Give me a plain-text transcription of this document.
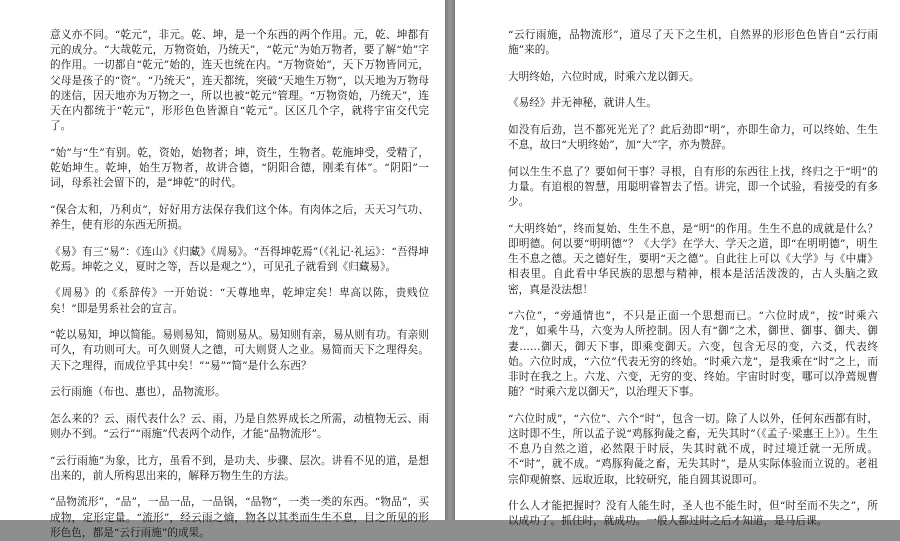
意义亦不同。“乾元”，非元。乾、坤，是一个东西的两个作用。元，乾、坤都有元的成分。“大哉乾元，万物资始，乃统天”，“乾元”为始万物者，要了解“始”字的作用。一切都自“乾元”始的，连天也统在内。“万物资始”，天下万物皆同元，父母是孩子的“资”。“乃统天”，连天都统，突破“天地生万物”，以天地为万物母的迷信，因天地亦为万物之一，所以也被“乾元”管理。“万物资始，乃统天”，连天在内都统于“乾元”，形形色色皆源自“乾元”。区区几个字，就将宇宙交代完了。

“始”与“生”有别。乾，资始，始物者；坤，资生，生物者。乾施坤受，受精了，乾始坤生。乾坤，始生万物者，故讲合德，“阴阳合德，刚柔有体”。“阴阳”一词，母系社会留下的，是“坤乾”的时代。

“保合太和，乃利贞”，好好用方法保存我们这个体。有肉体之后，天天习气功、养生，使有形的东西无所损。

《易》有三“易”：《连山》《归藏》《周易》。“吾得坤乾焉”（《礼记·礼运》：“吾得坤乾焉。坤乾之义，夏时之等，吾以是观之”），可见孔子就看到《归藏易》。

《周易》的《系辞传》一开始说：“天尊地卑，乾坤定矣！卑高以陈，贵贱位矣！”即是男系社会的宣言。

“乾以易知，坤以简能。易则易知，简则易从。易知则有亲，易从则有功。有亲则可久，有功则可大。可久则贤人之德，可大则贤人之业。易简而天下之理得矣。天下之理得，而成位乎其中矣！”“易”“简”是什么东西？

云行雨施（布也、惠也），品物流形。

怎么来的？云、雨代表什么？云、雨，乃是自然界成长之所需，动植物无云、雨则办不到。“云行”“雨施”代表两个动作，才能“品物流形”。

“云行雨施”为象，比方，虽看不到，是功夫、步骤、层次。讲看不见的道，是想出来的，前人所构思出来的，解释万物生生的方法。

“品物流形”，“品”，一品一品，一品锅，“品物”，一类一类的东西。“物品”，买成物，定形定量。“流形”，经云雨之熵，物各以其类而生生不息，目之所见的形形色色，都是“云行雨施”的成果。

“云行雨施，品物流形”，道尽了天下之生机，自然界的形形色色皆自“云行雨施”来的。

大明终始，六位时成，时乘六龙以御天。

《易经》并无神秘，就讲人生。

如没有后劲，岂不都死光光了？此后劲即“明”，亦即生命力，可以终始、生生不息，故曰“大明终始”，加“大”字，亦为赞辞。

何以生生不息了？要如何干事？寻根，自有形的东西往上找，终归之于“明”的力量。有追根的智慧，用聪明睿智去了悟。讲完，即一个试验，看接受的有多少。

“大明终始”，终而复始、生生不息，是“明”的作用。生生不息的成就是什么？即明德。何以要“明明德”？《大学》在学大、学天之道，即“在明明德”，明生生不息之德。天之德好生，要明“天之德”。自此往上可以《大学》与《中庸》相表里。自此看中华民族的思想与精神，根本是活活泼泼的，古人头脑之致密，真是没法想！

“六位”，“旁通情也”，不只是正面一个思想而已。“六位时成”，按“时乘六龙”，如乘牛马，六变为人所控制。因人有“御”之术，御世、御事、御夫、御妻……御天，御天下事，即乘变御天。六变，包含无尽的变，六爻，代表终始。六位时成，“六位”代表无穷的终始。“时乘六龙”，是我乘在“时”之上，而非时在我之上。六龙、六变，无穷的变、终始。宇宙时时变，哪可以净蔫规曹随？“时乘六龙以御天”，以治理天下事。

“六位时成”，“六位”、六个“时”，包含一切。除了人以外，任何东西都有时，这时即不生，所以孟子说“鸡豚狗彘之畜，无失其时”（《孟子·梁惠王上》）。生生不息乃自然之道，必然限于时辰，失其时就不成，时过境迁就一无所成。不“时”，就不成。“鸡豚狗彘之畜，无失其时”，是从实际体验而立说的。老祖宗仰观俯察、远取近取，比较研究，能自圆其说即可。

什么人才能把握时？没有人能生时，圣人也不能生时，但“时至而不失之”，所以成功了。抓住时，就成功。一般人都过时之后才知道，是马后课。
